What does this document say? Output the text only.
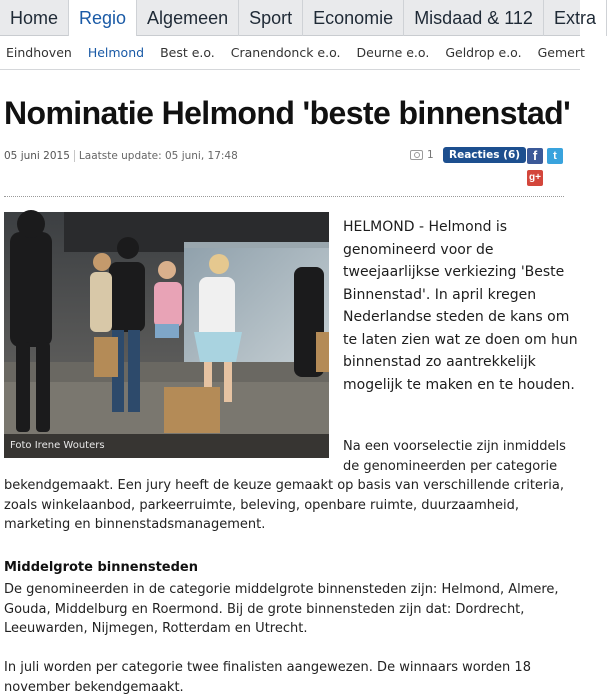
Home	Regio	Algemeen	Sport	Economie	Misdaad & 112	Extra
Eindhoven Helmond Best e.o. Cranendonck e.o. Deurne e.o. Geldrop e.o. Gemert
Nominatie Helmond 'beste binnenstad'
05 juni 2015 Laatste update: 05 juni, 17:48	1	Reacties (6) f	t
g+
Foto Irene Wouters

HELMOND - Helmond is genomineerd voor de tweejaarlijkse verkiezing 'Beste Binnenstad'. In april kregen Nederlandse steden de kans om te laten zien wat ze doen om hun binnenstad zo aantrekkelijk mogelijk te maken en te houden.

Na een voorselectie zijn inmiddels
de genomineerden per categorie

bekendgemaakt. Een jury heeft de keuze gemaakt op basis van verschillende criteria, zoals winkelaanbod, parkeerruimte, beleving, openbare ruimte, duurzaamheid, marketing en binnenstadsmanagement.

Middelgrote binnensteden

De genomineerden in de categorie middelgrote binnensteden zijn: Helmond, Almere, Gouda, Middelburg en Roermond. Bij de grote binnensteden zijn dat: Dordrecht, Leeuwarden, Nijmegen, Rotterdam en Utrecht.

In juli worden per categorie twee finalisten aangewezen. De winnaars worden 18 november bekendgemaakt.
